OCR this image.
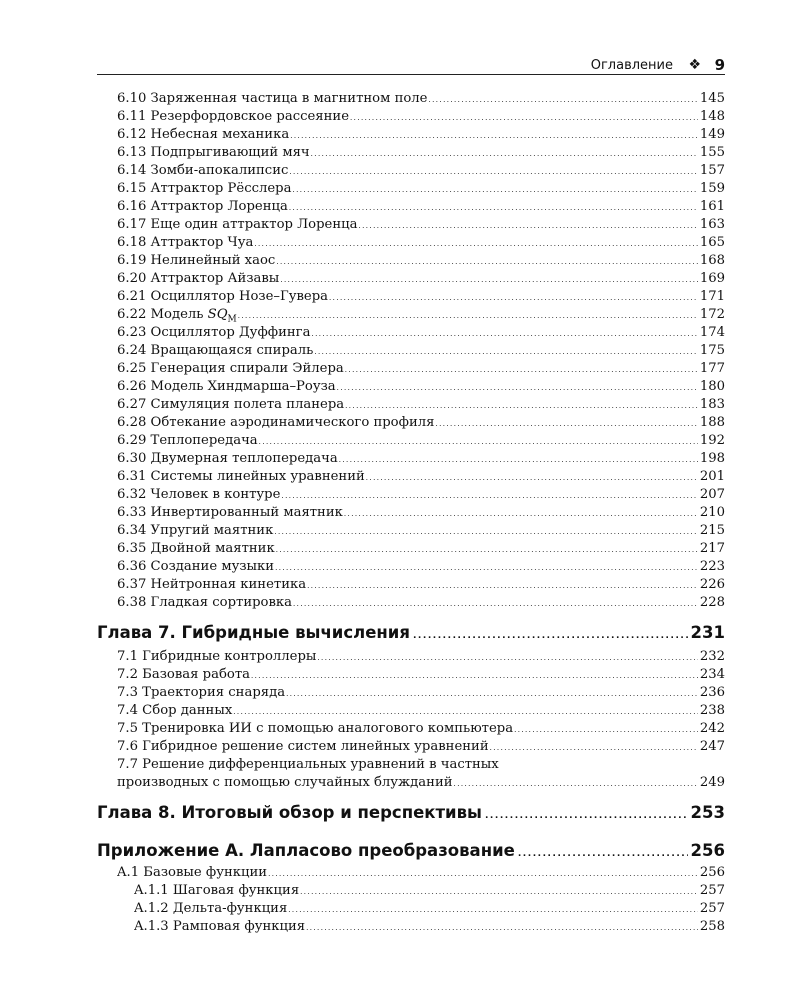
Оглавление ❖ 9
6.10 Заряженная частица в магнитном поле . . .	145
6.11 Резерфордовское рассеяние . . .	148
6.12 Небесная механика . . .	149
6.13 Подпрыгивающий мяч . . .	155
6.14 Зомби-апокалипсис . . .	157
6.15 Аттрактор Рёсслера . . .	159
6.16 Аттрактор Лоренца . . .	161
6.17 Еще один аттрактор Лоренца . . .	163
6.18 Аттрактор Чуа . . .	165
6.19 Нелинейный хаос . . .	168
6.20 Аттрактор Айзавы . . .	169
6.21 Осциллятор Нозе–Гувера . . .	171
6.22 Модель $SQ_M$ . . .	172
6.23 Осциллятор Дуффинга . . .	174
6.24 Вращающаяся спираль . . .	175
6.25 Генерация спирали Эйлера . . .	177
6.26 Модель Хиндмарша–Роуза . . .	180
6.27 Симуляция полета планера . . .	183
6.28 Обтекание аэродинамического профиля . . .	188
6.29 Теплопередача . . .	192
6.30 Двумерная теплопередача . . .	198
6.31 Системы линейных уравнений . . .	201
6.32 Человек в контуре . . .	207
6.33 Инвертированный маятник . . .	210
6.34 Упругий маятник . . .	215
6.35 Двойной маятник . . .	217
6.36 Создание музыки . . .	223
6.37 Нейтронная кинетика . . .	226
6.38 Гладкая сортировка . . .	228
Глава 7. Гибридные вычисления . . .	231
7.1 Гибридные контроллеры . . .	232
7.2 Базовая работа . . .	234
7.3 Траектория снаряда . . .	236
7.4 Сбор данных . . .	238
7.5 Тренировка ИИ с помощью аналогового компьютера . . .	242
7.6 Гибридное решение систем линейных уравнений . . .	247
7.7 Решение дифференциальных уравнений в частных
производных с помощью случайных блужданий . . .	249
Глава 8. Итоговый обзор и перспективы . . .	253
Приложение А. Лапласово преобразование . . .	256
A.1 Базовые функции . . .	256
A.1.1 Шаговая функция . . .	257
A.1.2 Дельта-функция . . .	257
A.1.3 Рамповая функция . . .	258
